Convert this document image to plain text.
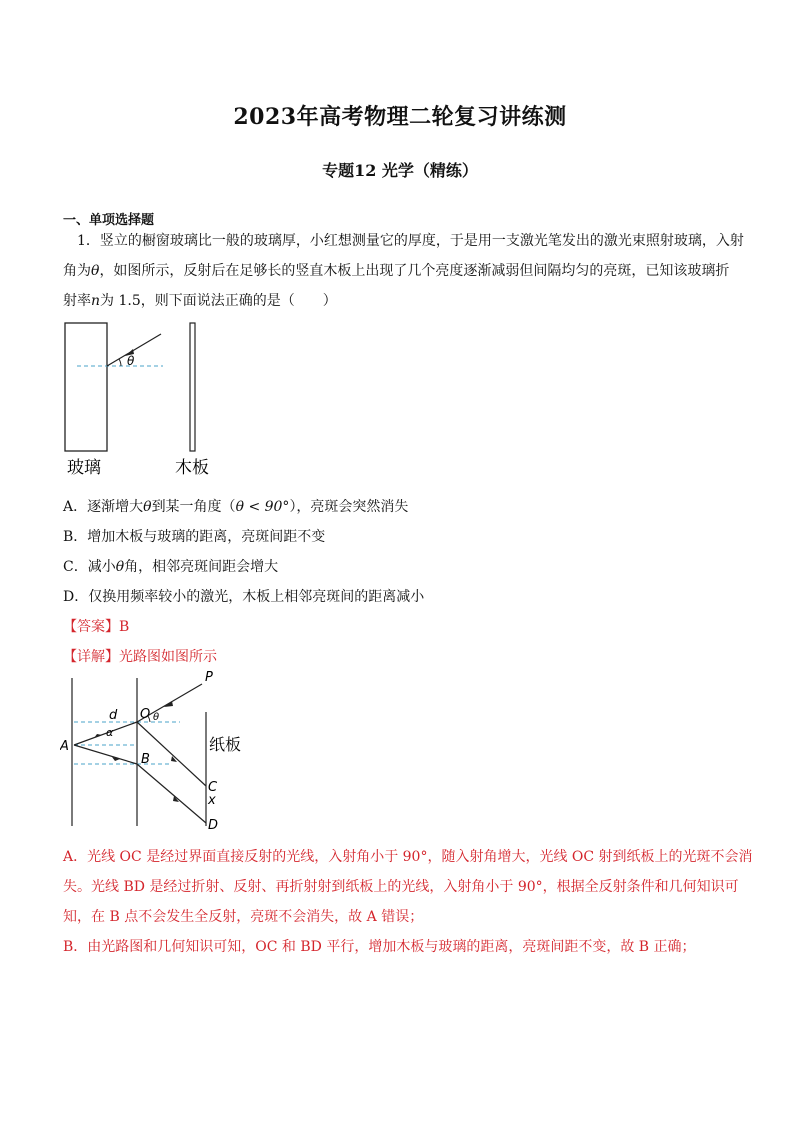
2023年高考物理二轮复习讲练测
专题12 光学（精练）
一、单项选择题
1．竖立的橱窗玻璃比一般的玻璃厚，小红想测量它的厚度，于是用一支激光笔发出的激光束照射玻璃，入射
角为θ，如图所示，反射后在足够长的竖直木板上出现了几个亮度逐渐减弱但间隔均匀的亮斑，已知该玻璃折
射率n为 1.5，则下面说法正确的是（　　）
θ
玻璃	木板
A．逐渐增大θ到某一角度（θ < 90°），亮斑会突然消失
B．增加木板与玻璃的距离，亮斑间距不变
C．减小θ角，相邻亮斑间距会增大
D．仅换用频率较小的激光，木板上相邻亮斑间的距离减小
【答案】B
【详解】光路图如图所示
P
O θ
d
α
A
B
C
x
D
纸板
A．光线 OC 是经过界面直接反射的光线，入射角小于 90°，随入射角增大，光线 OC 射到纸板上的光斑不会消
失。光线 BD 是经过折射、反射、再折射射到纸板上的光线，入射角小于 90°，根据全反射条件和几何知识可
知，在 B 点不会发生全反射，亮斑不会消失，故 A 错误；
B．由光路图和几何知识可知，OC 和 BD 平行，增加木板与玻璃的距离，亮斑间距不变，故 B 正确；
